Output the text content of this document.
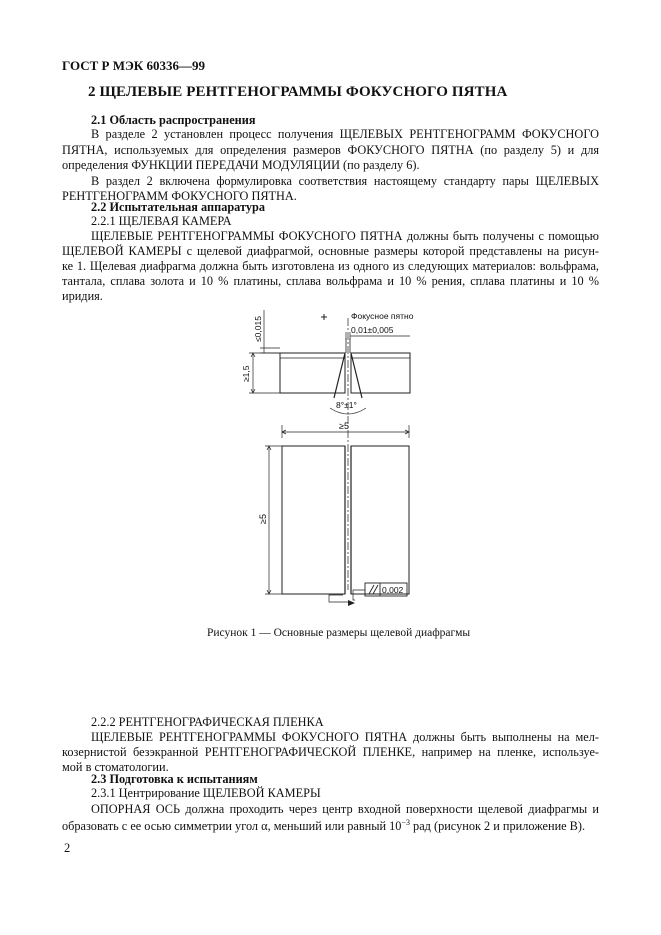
ГОСТ Р МЭК 60336—99
2 ЩЕЛЕВЫЕ РЕНТГЕНОГРАММЫ ФОКУСНОГО ПЯТНА
2.1 Область распространения
В разделе 2 установлен процесс получения ЩЕЛЕВЫХ РЕНТГЕНОГРАММ ФОКУСНОГО
ПЯТНА, используемых для определения размеров ФОКУСНОГО ПЯТНА (по разделу 5) и для
определения ФУНКЦИИ ПЕРЕДАЧИ МОДУЛЯЦИИ (по разделу 6).
В раздел 2 включена формулировка соответствия настоящему стандарту пары ЩЕЛЕВЫХ
РЕНТГЕНОГРАММ ФОКУСНОГО ПЯТНА.
2.2 Испытательная аппаратура
2.2.1 ЩЕЛЕВАЯ КАМЕРА
ЩЕЛЕВЫЕ РЕНТГЕНОГРАММЫ ФОКУСНОГО ПЯТНА должны быть получены с помощью
ЩЕЛЕВОЙ КАМЕРЫ с щелевой диафрагмой, основные размеры которой представлены на рисун-
ке 1. Щелевая диафрагма должна быть изготовлена из одного из следующих материалов: вольфрама,
тантала, сплава золота и 10 % платины, сплава вольфрама и 10 % рения, сплава платины и 10 %
иридия.
0,01±0,005
Фокусное пятно
≤0,015
≥1,5
8°±1°
≥5
≥5
0,002
Рисунок 1 — Основные размеры щелевой диафрагмы
2.2.2 РЕНТГЕНОГРАФИЧЕСКАЯ ПЛЕНКА
ЩЕЛЕВЫЕ РЕНТГЕНОГРАММЫ ФОКУСНОГО ПЯТНА должны быть выполнены на мел-
козернистой безэкранной РЕНТГЕНОГРАФИЧЕСКОЙ ПЛЕНКЕ, например на пленке, используе-
мой в стоматологии.
2.3 Подготовка к испытаниям
2.3.1 Центрирование ЩЕЛЕВОЙ КАМЕРЫ
ОПОРНАЯ ОСЬ должна проходить через центр входной поверхности щелевой диафрагмы и
образовать с ее осью симметрии угол α, меньший или равный $10^{-3}$ рад (рисунок 2 и приложение В).
2
